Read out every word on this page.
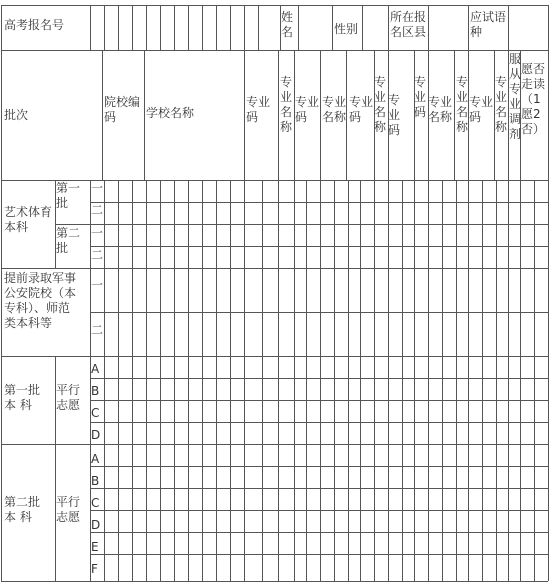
高考报名号
姓
名	性别
所在报
名区县
应试语
种
批次
院校编
码	学校名称
专业
码
专
业
名
称
专业
码
专业
名称
专业
码
专
业
名
称
专
业
码
专业
名称
专
业
码
专
业
名
称
专业
码
专
业
名
称
服
从
专
业
调
剂
愿否
走读
（1
愿2
否）
艺术体育
本科
第一
批
第二
批
一
二
一
二
提前录取军事
公安院校（本
专科）、师范
类本科等
一
二
第一批
本 科
平行
志愿
A
B
C
D
第二批
本 科
平行
志愿
A
B
C
D
E
F
